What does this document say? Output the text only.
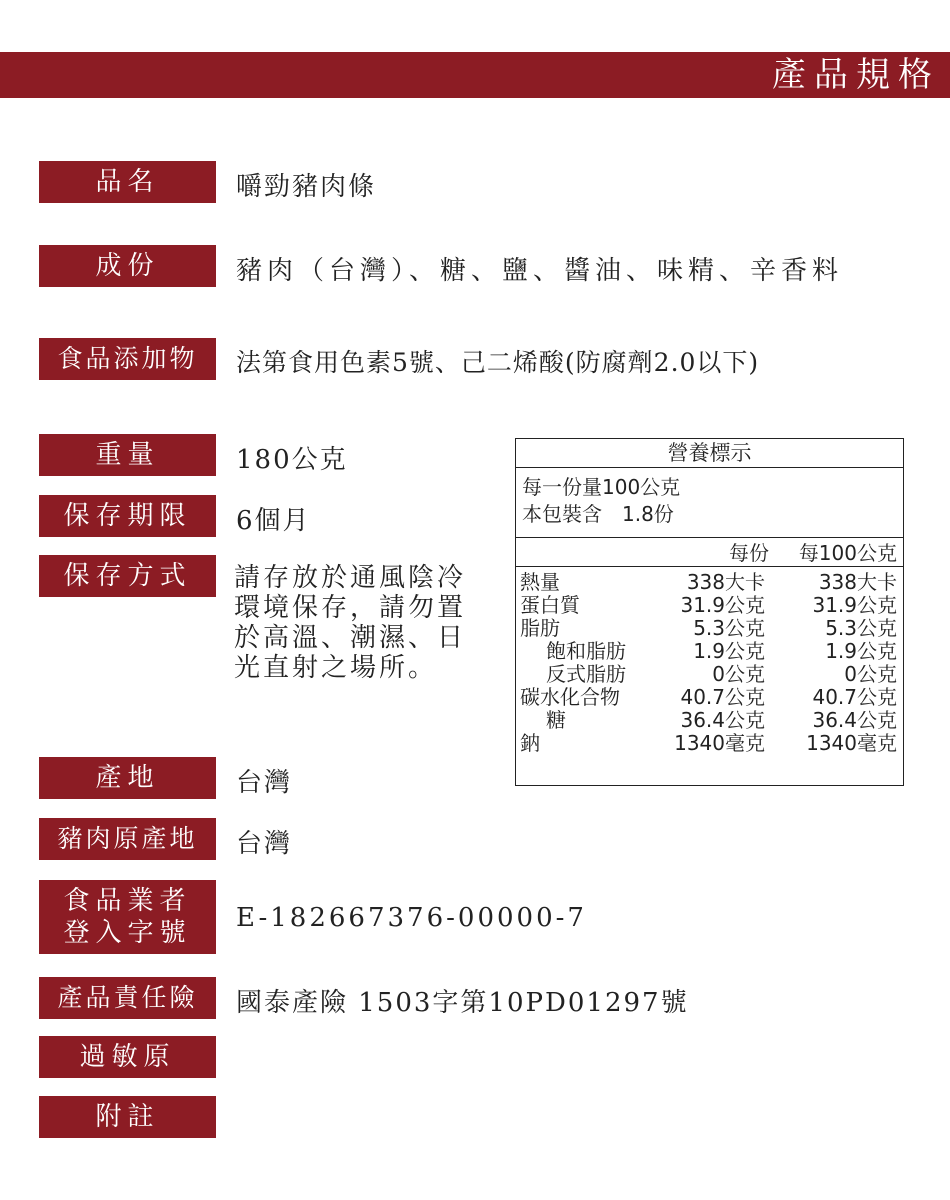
產品規格
品名	嚼勁豬肉條
成份	豬肉（台灣）、糖、鹽、醬油、味精、辛香料
食品添加物	法第食用色素5號、己二烯酸(防腐劑2.0以下)
重量	180公克
保存期限	6個月
保存方式	請存放於通風陰冷環境保存，請勿置於高溫、潮濕、日光直射之場所。
產地	台灣
豬肉原產地	台灣
食品業者
登入字號	E-182667376-00000-7
產品責任險	國泰產險 1503字第10PD01297號
過敏原
附註
營養標示
每一份量100公克
本包裝含　1.8份
每份 每100公克
熱量	338大卡	338大卡
蛋白質	31.9公克 31.9公克
脂肪	5.3公克	5.3公克
飽和脂肪	1.9公克	1.9公克
反式脂肪	0公克	0公克
碳水化合物	40.7公克 40.7公克
糖	36.4公克 36.4公克
鈉	1340毫克 1340毫克
